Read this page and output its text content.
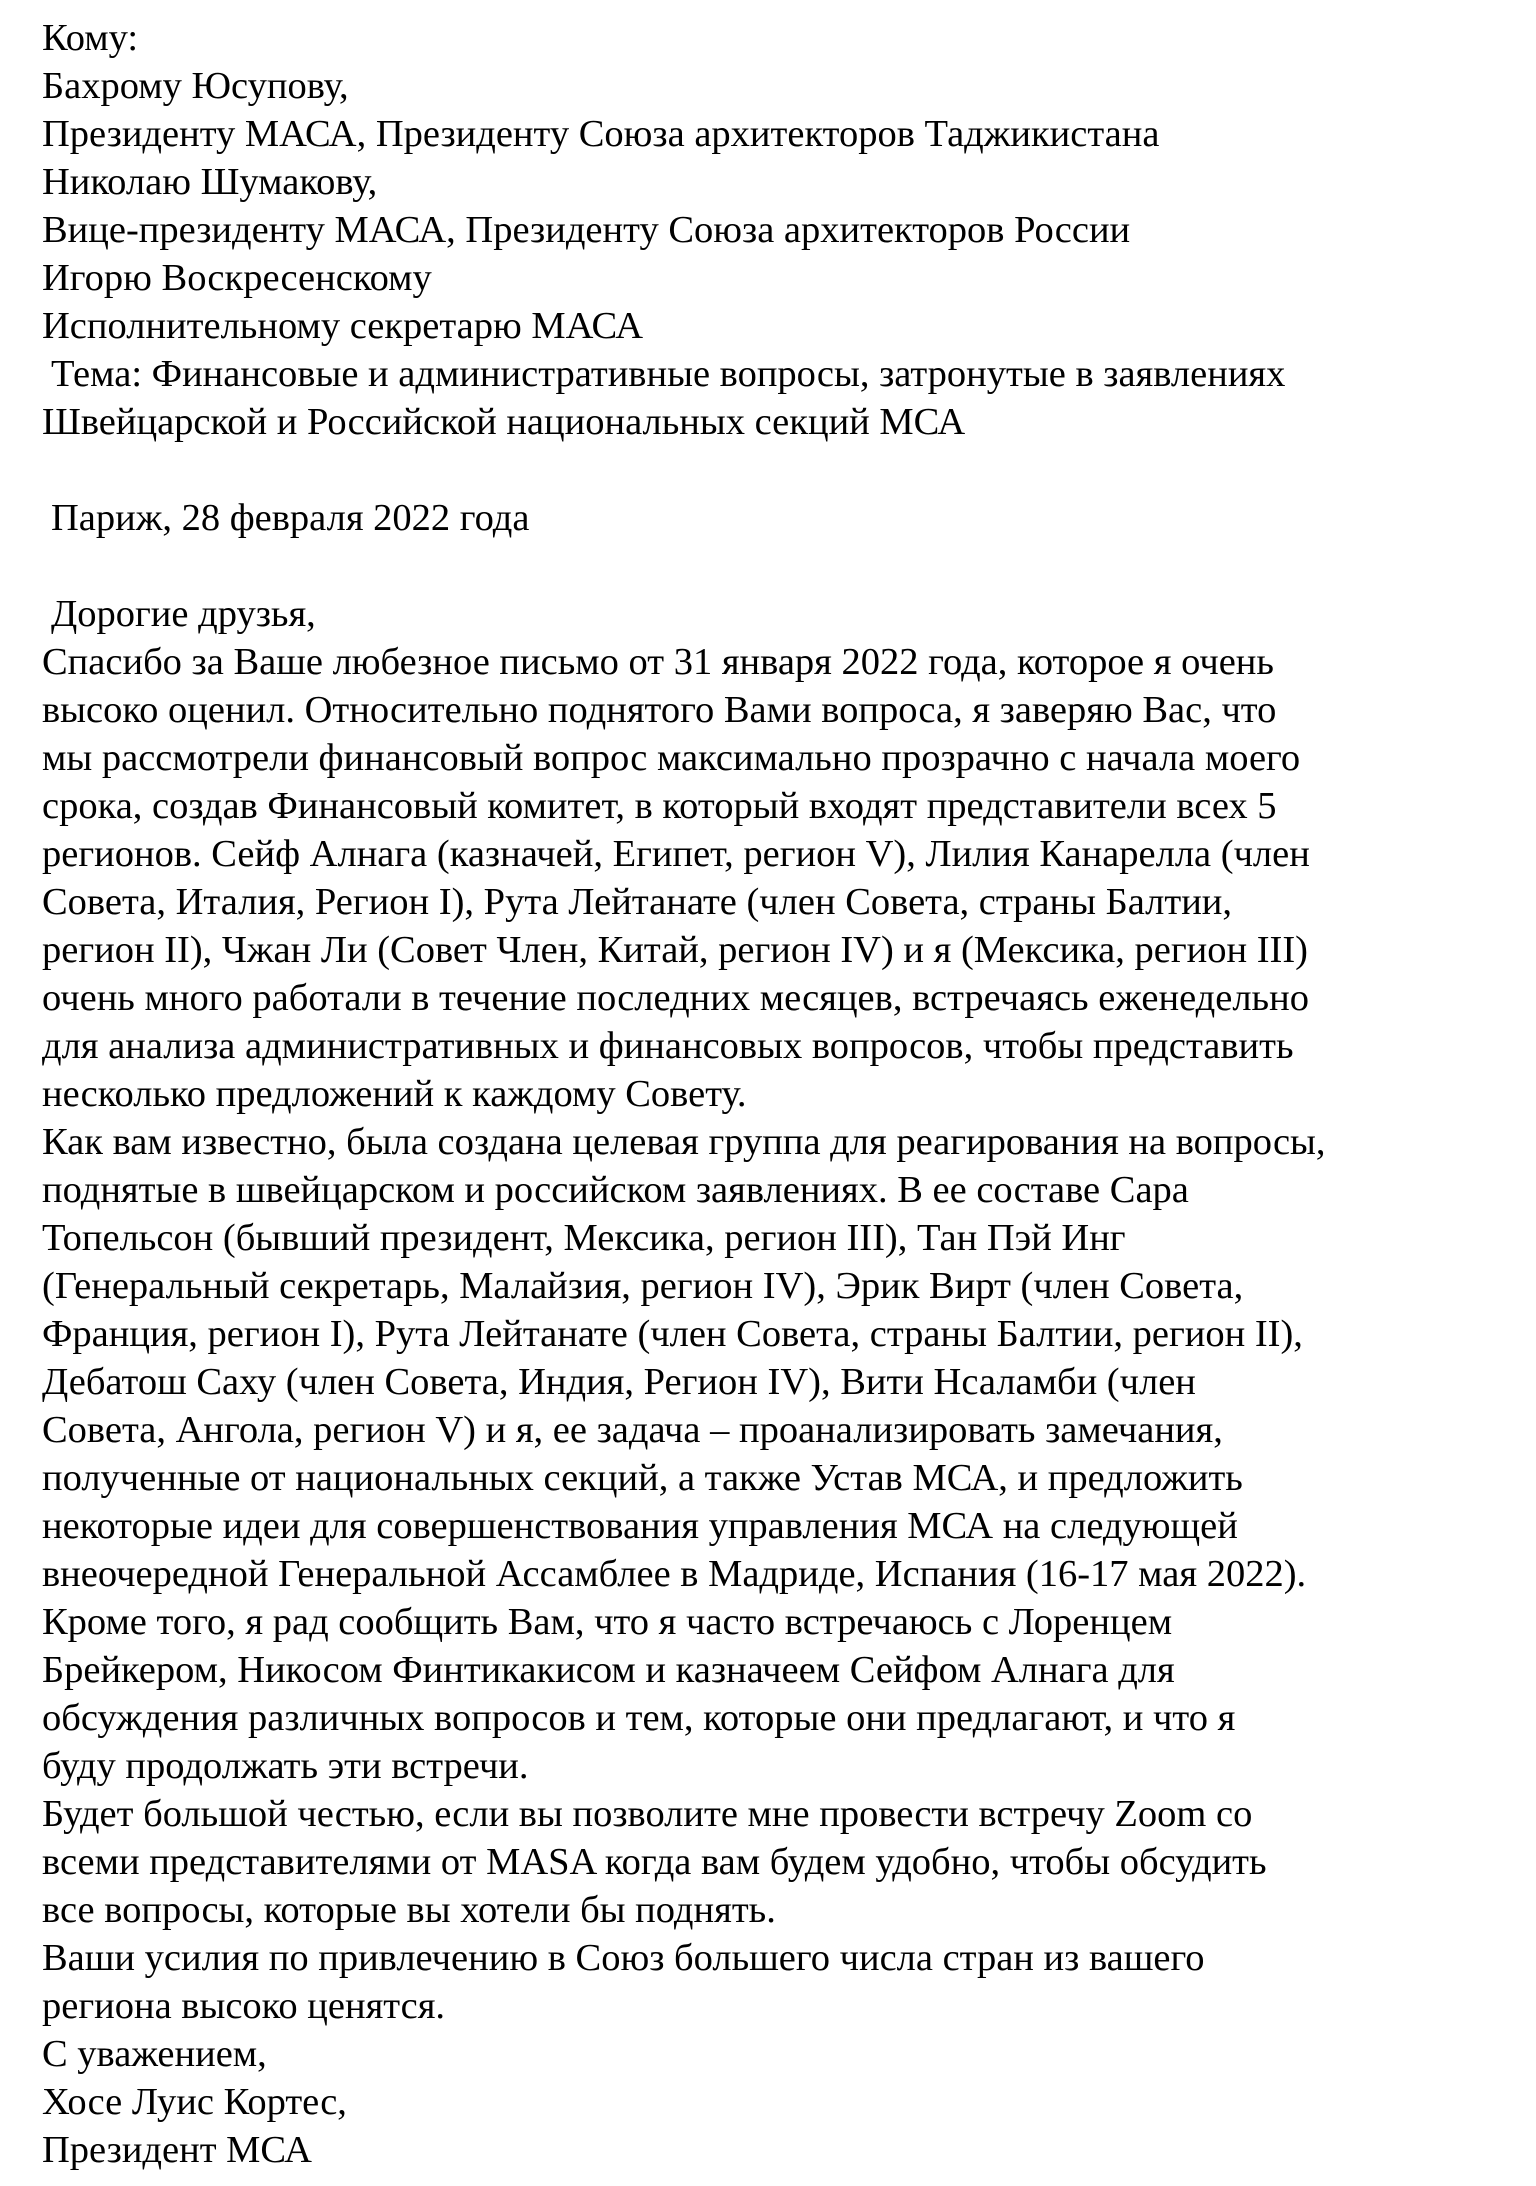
Кому:
Бахрому Юсупову,
Президенту МАСА, Президенту Союза архитекторов Таджикистана
Николаю Шумакову,
Вице-президенту МАСА, Президенту Союза архитекторов России
Игорю Воскресенскому
Исполнительному секретарю МАСА
Тема: Финансовые и административные вопросы, затронутые в заявлениях
Швейцарской и Российской национальных секций МСА
Париж, 28 февраля 2022 года
Дорогие друзья,
Спасибо за Ваше любезное письмо от 31 января 2022 года, которое я очень
высоко оценил. Относительно поднятого Вами вопроса, я заверяю Вас, что
мы рассмотрели финансовый вопрос максимально прозрачно с начала моего
срока, создав Финансовый комитет, в который входят представители всех 5
регионов. Сейф Алнага (казначей, Египет, регион V), Лилия Канарелла (член
Совета, Италия, Регион I), Рута Лейтанате (член Совета, страны Балтии,
регион II), Чжан Ли (Совет Член, Китай, регион IV) и я (Мексика, регион III)
очень много работали в течение последних месяцев, встречаясь еженедельно
для анализа административных и финансовых вопросов, чтобы представить
несколько предложений к каждому Совету.
Как вам известно, была создана целевая группа для реагирования на вопросы,
поднятые в швейцарском и российском заявлениях. В ее составе Сара
Топельсон (бывший президент, Мексика, регион III), Тан Пэй Инг
(Генеральный секретарь, Малайзия, регион IV), Эрик Вирт (член Совета,
Франция, регион I), Рута Лейтанате (член Совета, страны Балтии, регион II),
Дебатош Саху (член Совета, Индия, Регион IV), Вити Нсаламби (член
Совета, Ангола, регион V) и я, ее задача – проанализировать замечания,
полученные от национальных секций, а также Устав МСА, и предложить
некоторые идеи для совершенствования управления МСА на следующей
внеочередной Генеральной Ассамблее в Мадриде, Испания (16-17 мая 2022).
Кроме того, я рад сообщить Вам, что я часто встречаюсь с Лоренцем
Брейкером, Никосом Финтикакисом и казначеем Сейфом Алнага для
обсуждения различных вопросов и тем, которые они предлагают, и что я
буду продолжать эти встречи.
Будет большой честью, если вы позволите мне провести встречу Zoom со
всеми представителями от MASA когда вам будем удобно, чтобы обсудить
все вопросы, которые вы хотели бы поднять.
Ваши усилия по привлечению в Союз большего числа стран из вашего
региона высоко ценятся.
С уважением,
Хосе Луис Кортес,
Президент МСА
